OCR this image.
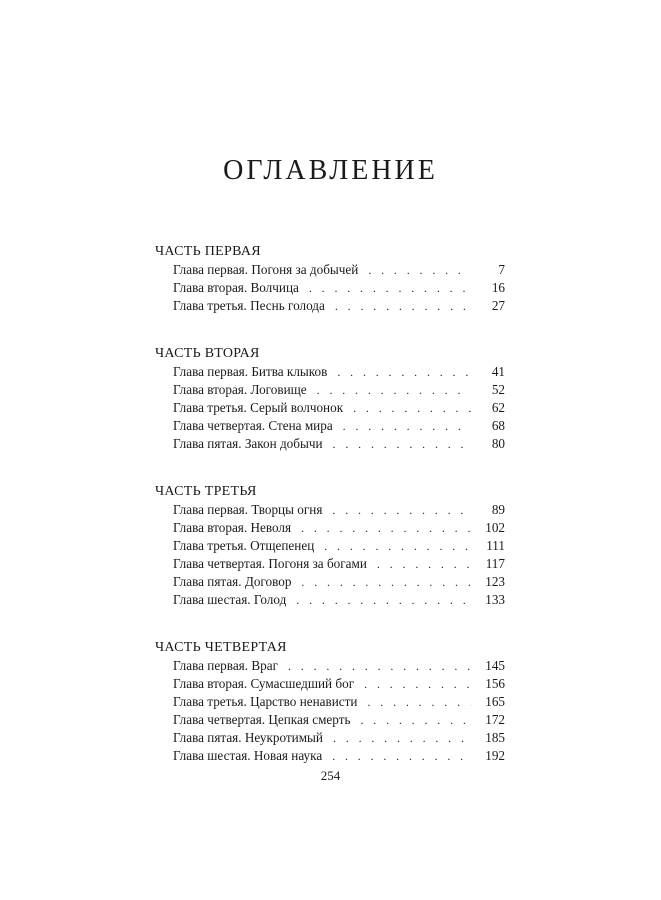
ОГЛАВЛЕНИЕ
ЧАСТЬ ПЕРВАЯ
Глава первая. Погоня за добычей . . .	7
Глава вторая. Волчица . . .	16
Глава третья. Песнь голода . . .	27
ЧАСТЬ ВТОРАЯ
Глава первая. Битва клыков . . .	41
Глава вторая. Логовище . . .	52
Глава третья. Серый волчонок . . .	62
Глава четвертая. Стена мира . . .	68
Глава пятая. Закон добычи . . .	80
ЧАСТЬ ТРЕТЬЯ
Глава первая. Творцы огня . . .	89
Глава вторая. Неволя . . .	102
Глава третья. Отщепенец . . .	111
Глава четвертая. Погоня за богами . . .	117
Глава пятая. Договор . . .	123
Глава шестая. Голод . . .	133
ЧАСТЬ ЧЕТВЕРТАЯ
Глава первая. Враг . . .	145
Глава вторая. Сумасшедший бог . . .	156
Глава третья. Царство ненависти . . .	165
Глава четвертая. Цепкая смерть . . .	172
Глава пятая. Неукротимый . . .	185
Глава шестая. Новая наука . . .	192
254
